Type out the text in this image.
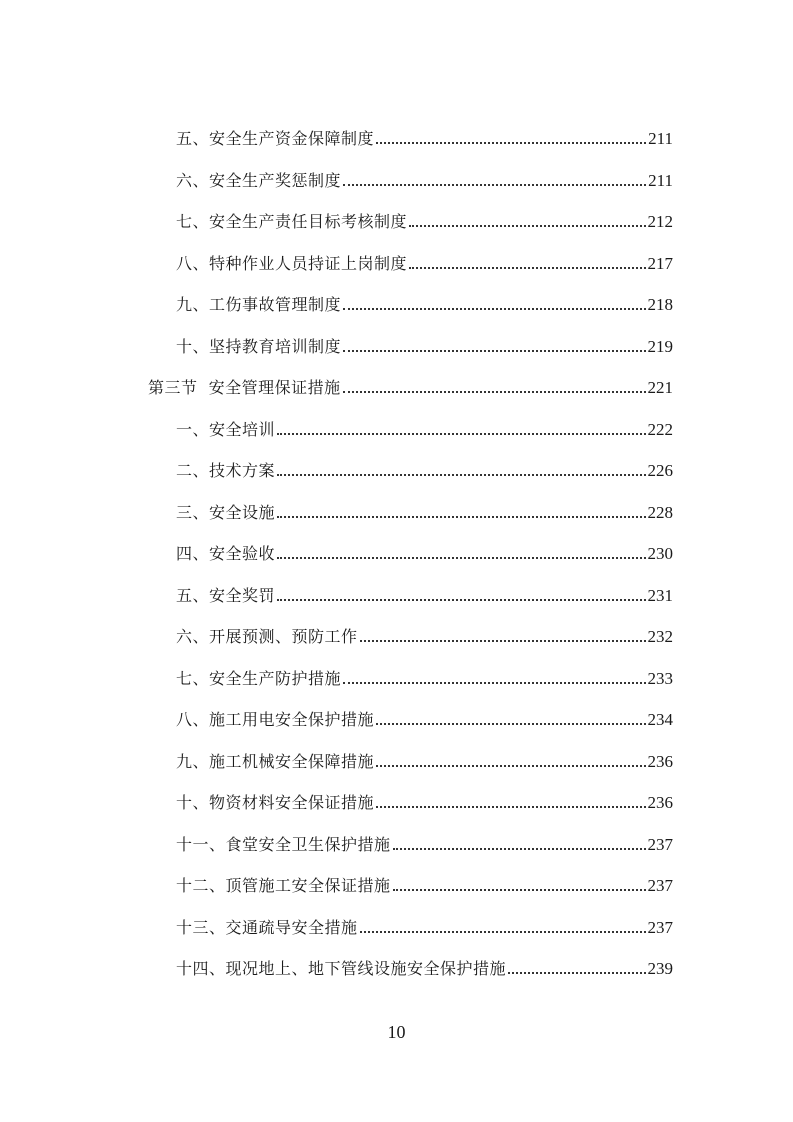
五、安全生产资金保障制度	211
六、安全生产奖惩制度	211
七、安全生产责任目标考核制度	212
八、特种作业人员持证上岗制度	217
九、工伤事故管理制度	218
十、坚持教育培训制度	219
第三节  安全管理保证措施	221
一、安全培训	222
二、技术方案	226
三、安全设施	228
四、安全验收	230
五、安全奖罚	231
六、开展预测、预防工作	232
七、安全生产防护措施	233
八、施工用电安全保护措施	234
九、施工机械安全保障措施	236
十、物资材料安全保证措施	236
十一、食堂安全卫生保护措施	237
十二、顶管施工安全保证措施	237
十三、交通疏导安全措施	237
十四、现况地上、地下管线设施安全保护措施	239
10
